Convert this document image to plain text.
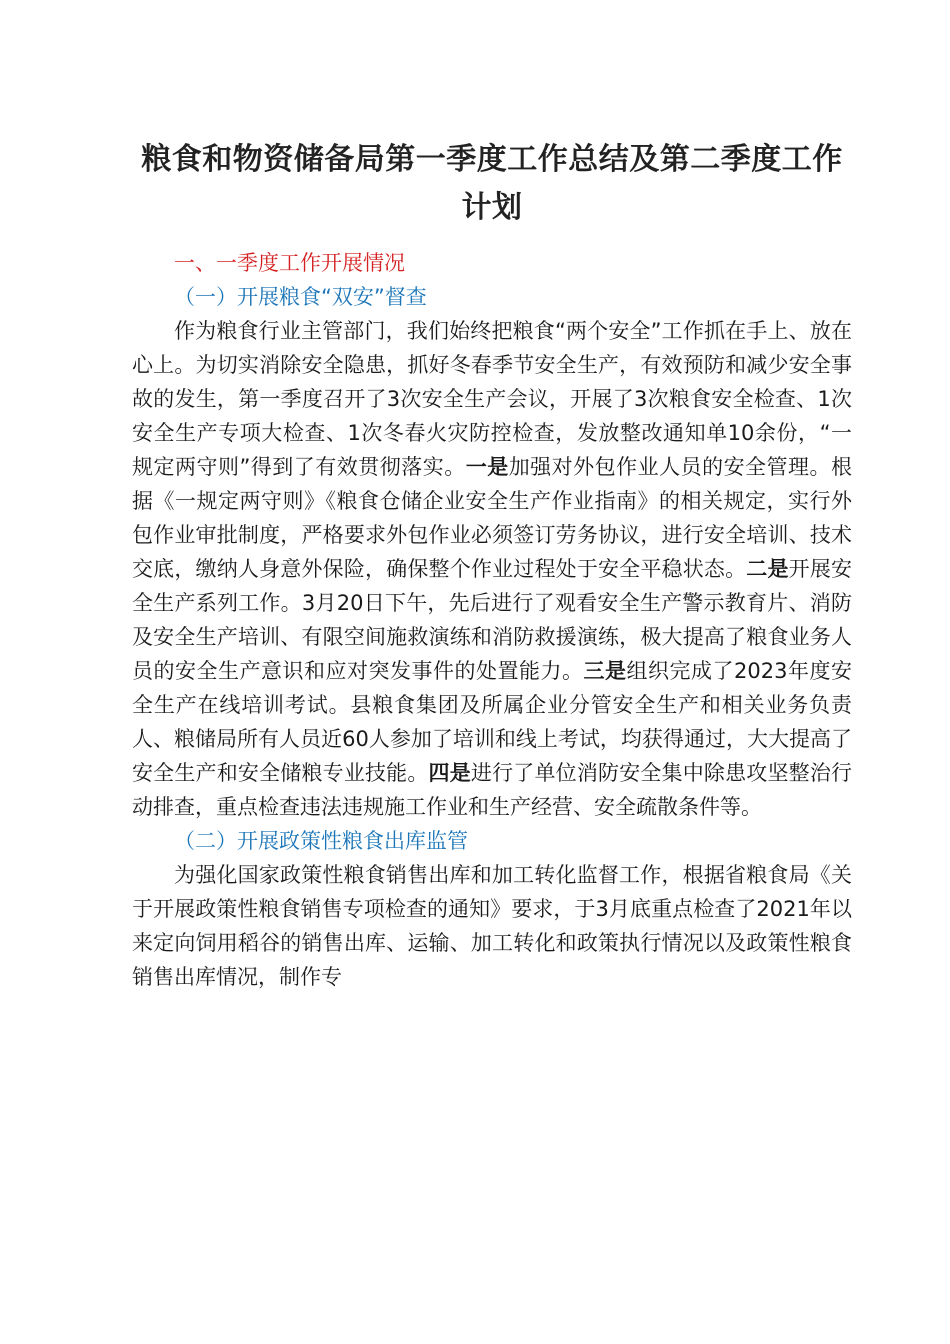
粮食和物资储备局第一季度工作总结及第二季度工作计划

一、一季度工作开展情况

（一）开展粮食“双安”督查

作为粮食行业主管部门，我们始终把粮食“两个安全”工作抓在手上、放在心上。为切实消除安全隐患，抓好冬春季节安全生产，有效预防和减少安全事故的发生，第一季度召开了3次安全生产会议，开展了3次粮食安全检查、1次安全生产专项大检查、1次冬春火灾防控检查，发放整改通知单10余份，“一规定两守则”得到了有效贯彻落实。一是加强对外包作业人员的安全管理。根据《一规定两守则》《粮食仓储企业安全生产作业指南》的相关规定，实行外包作业审批制度，严格要求外包作业必须签订劳务协议，进行安全培训、技术交底，缴纳人身意外保险，确保整个作业过程处于安全平稳状态。二是开展安全生产系列工作。3月20日下午，先后进行了观看安全生产警示教育片、消防及安全生产培训、有限空间施救演练和消防救援演练，极大提高了粮食业务人员的安全生产意识和应对突发事件的处置能力。三是组织完成了2023年度安全生产在线培训考试。县粮食集团及所属企业分管安全生产和相关业务负责人、粮储局所有人员近60人参加了培训和线上考试，均获得通过，大大提高了安全生产和安全储粮专业技能。四是进行了单位消防安全集中除患攻坚整治行动排查，重点检查违法违规施工作业和生产经营、安全疏散条件等。

（二）开展政策性粮食出库监管

为强化国家政策性粮食销售出库和加工转化监督工作，根据省粮食局《关于开展政策性粮食销售专项检查的通知》要求，于3月底重点检查了2021年以来定向饲用稻谷的销售出库、运输、加工转化和政策执行情况以及政策性粮食销售出库情况，制作专
